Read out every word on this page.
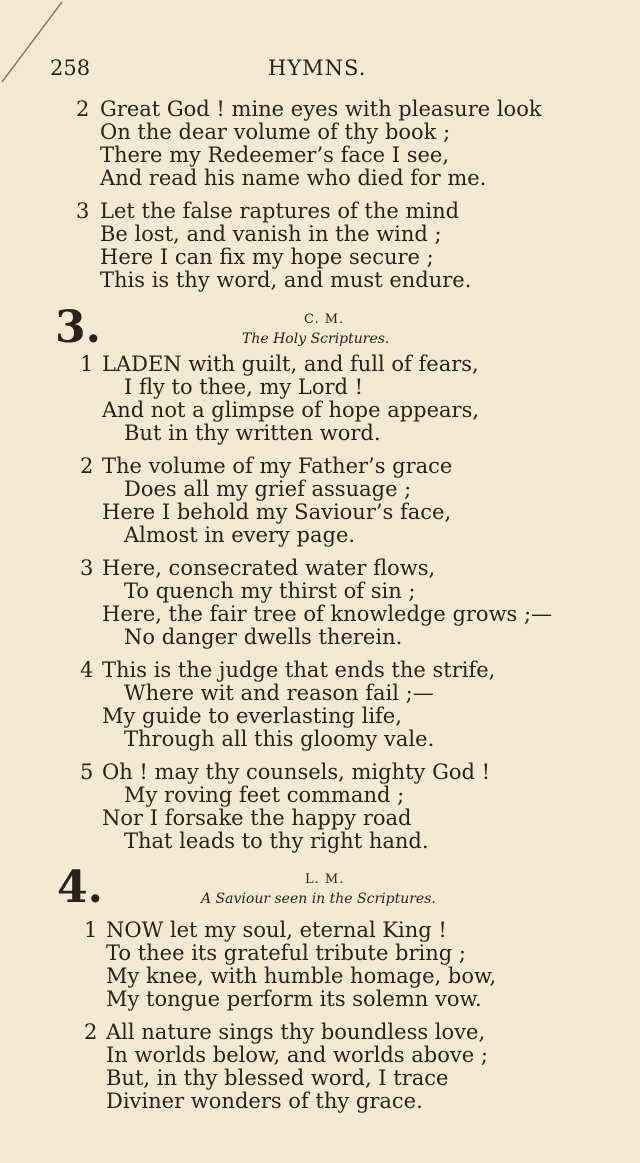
258	HYMNS.
2 Great God ! mine eyes with pleasure look
On the dear volume of thy book ;
There my Redeemer’s face I see,
And read his name who died for me.
3 Let the false raptures of the mind
Be lost, and vanish in the wind ;
Here I can fix my hope secure ;
This is thy word, and must endure.
3.	C. M.
The Holy Scriptures.
1 LADEN with guilt, and full of fears,
I fly to thee, my Lord !
And not a glimpse of hope appears,
But in thy written word.
2 The volume of my Father’s grace
Does all my grief assuage ;
Here I behold my Saviour’s face,
Almost in every page.
3 Here, consecrated water flows,
To quench my thirst of sin ;
Here, the fair tree of knowledge grows ;—
No danger dwells therein.
4 This is the judge that ends the strife,
Where wit and reason fail ;—
My guide to everlasting life,
Through all this gloomy vale.
5 Oh ! may thy counsels, mighty God !
My roving feet command ;
Nor I forsake the happy road
That leads to thy right hand.
4.	L. M.
A Saviour seen in the Scriptures.
1 NOW let my soul, eternal King !
To thee its grateful tribute bring ;
My knee, with humble homage, bow,
My tongue perform its solemn vow.
2 All nature sings thy boundless love,
In worlds below, and worlds above ;
But, in thy blessed word, I trace
Diviner wonders of thy grace.
